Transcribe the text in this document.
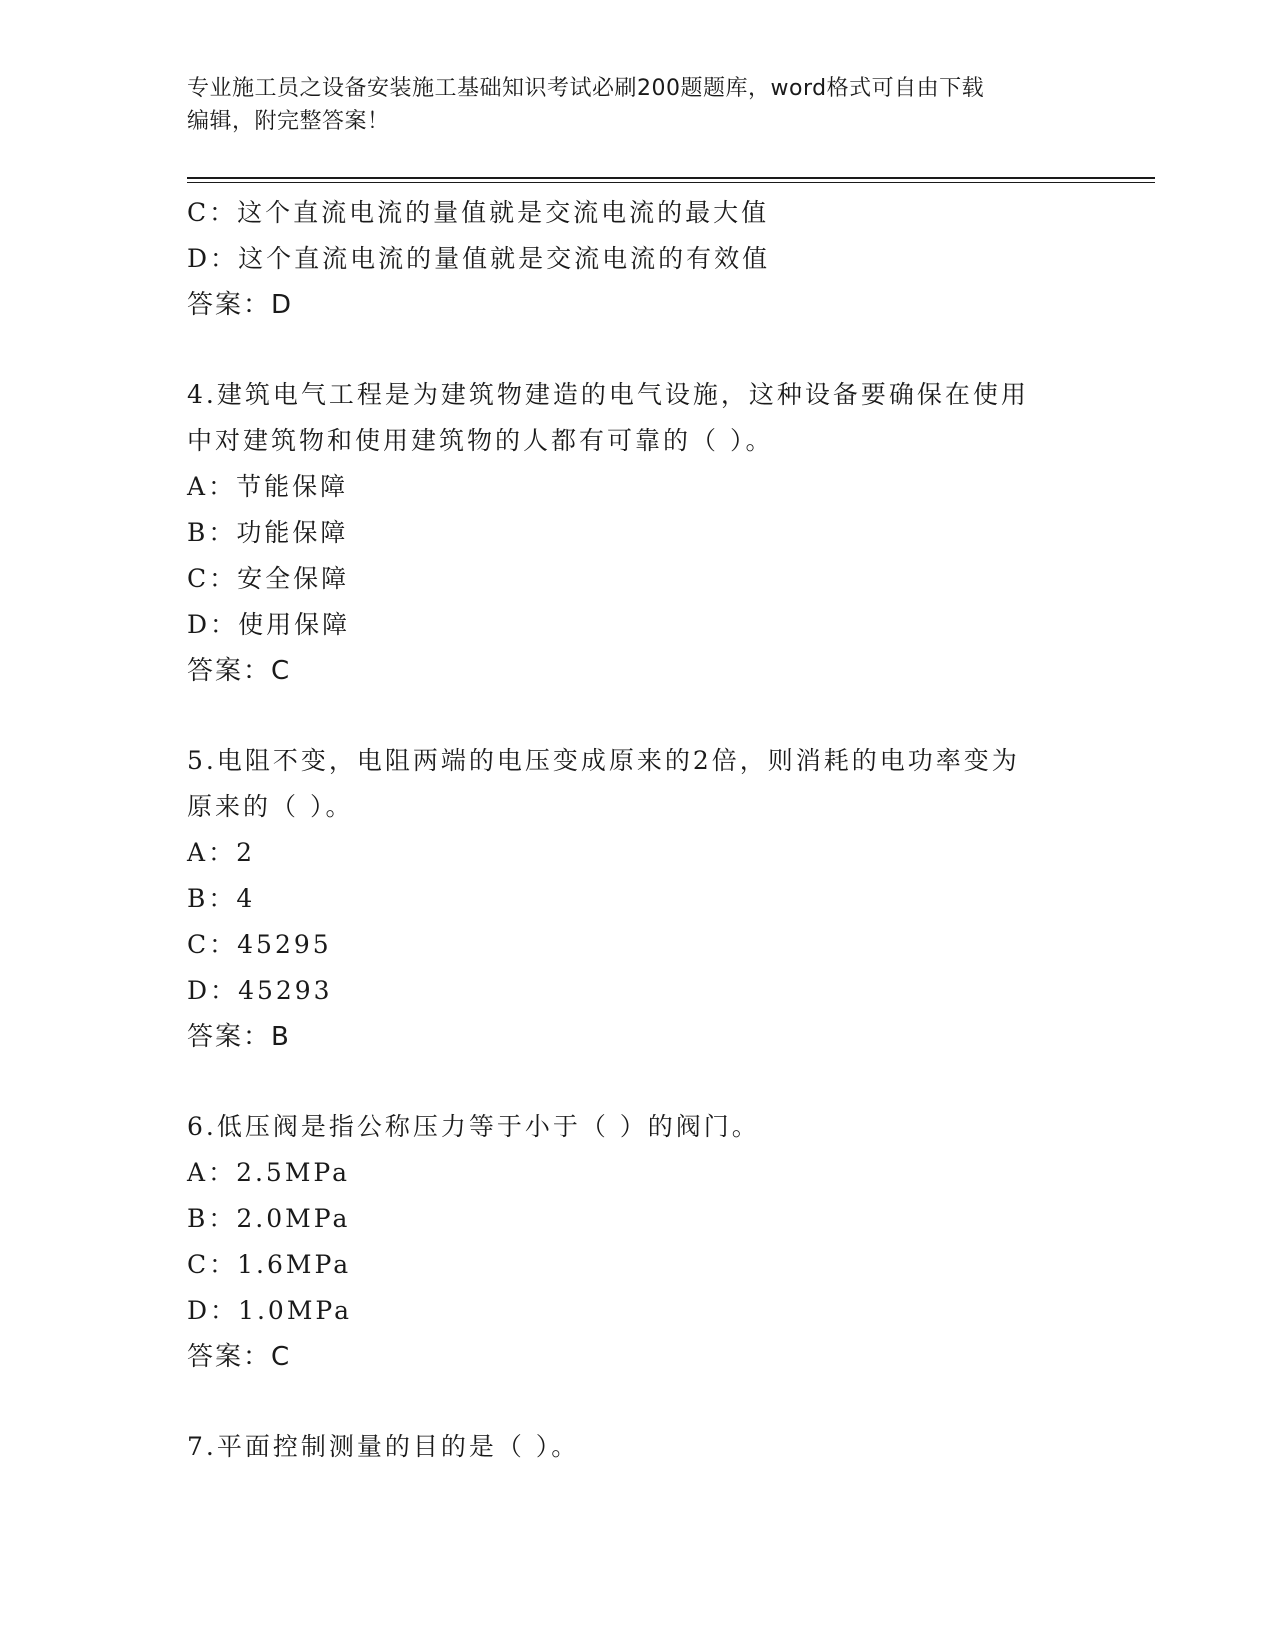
专业施工员之设备安装施工基础知识考试必刷200题题库，word格式可自由下载
编辑，附完整答案！
C：这个直流电流的量值就是交流电流的最大值
D：这个直流电流的量值就是交流电流的有效值
答案：D
4.建筑电气工程是为建筑物建造的电气设施，这种设备要确保在使用
中对建筑物和使用建筑物的人都有可靠的（ ）。
A：节能保障
B：功能保障
C：安全保障
D：使用保障
答案：C
5.电阻不变，电阻两端的电压变成原来的2倍，则消耗的电功率变为
原来的（ ）。
A：2
B：4
C：45295
D：45293
答案：B
6.低压阀是指公称压力等于小于（ ）的阀门。
A：2.5MPa
B：2.0MPa
C：1.6MPa
D：1.0MPa
答案：C
7.平面控制测量的目的是（ ）。
